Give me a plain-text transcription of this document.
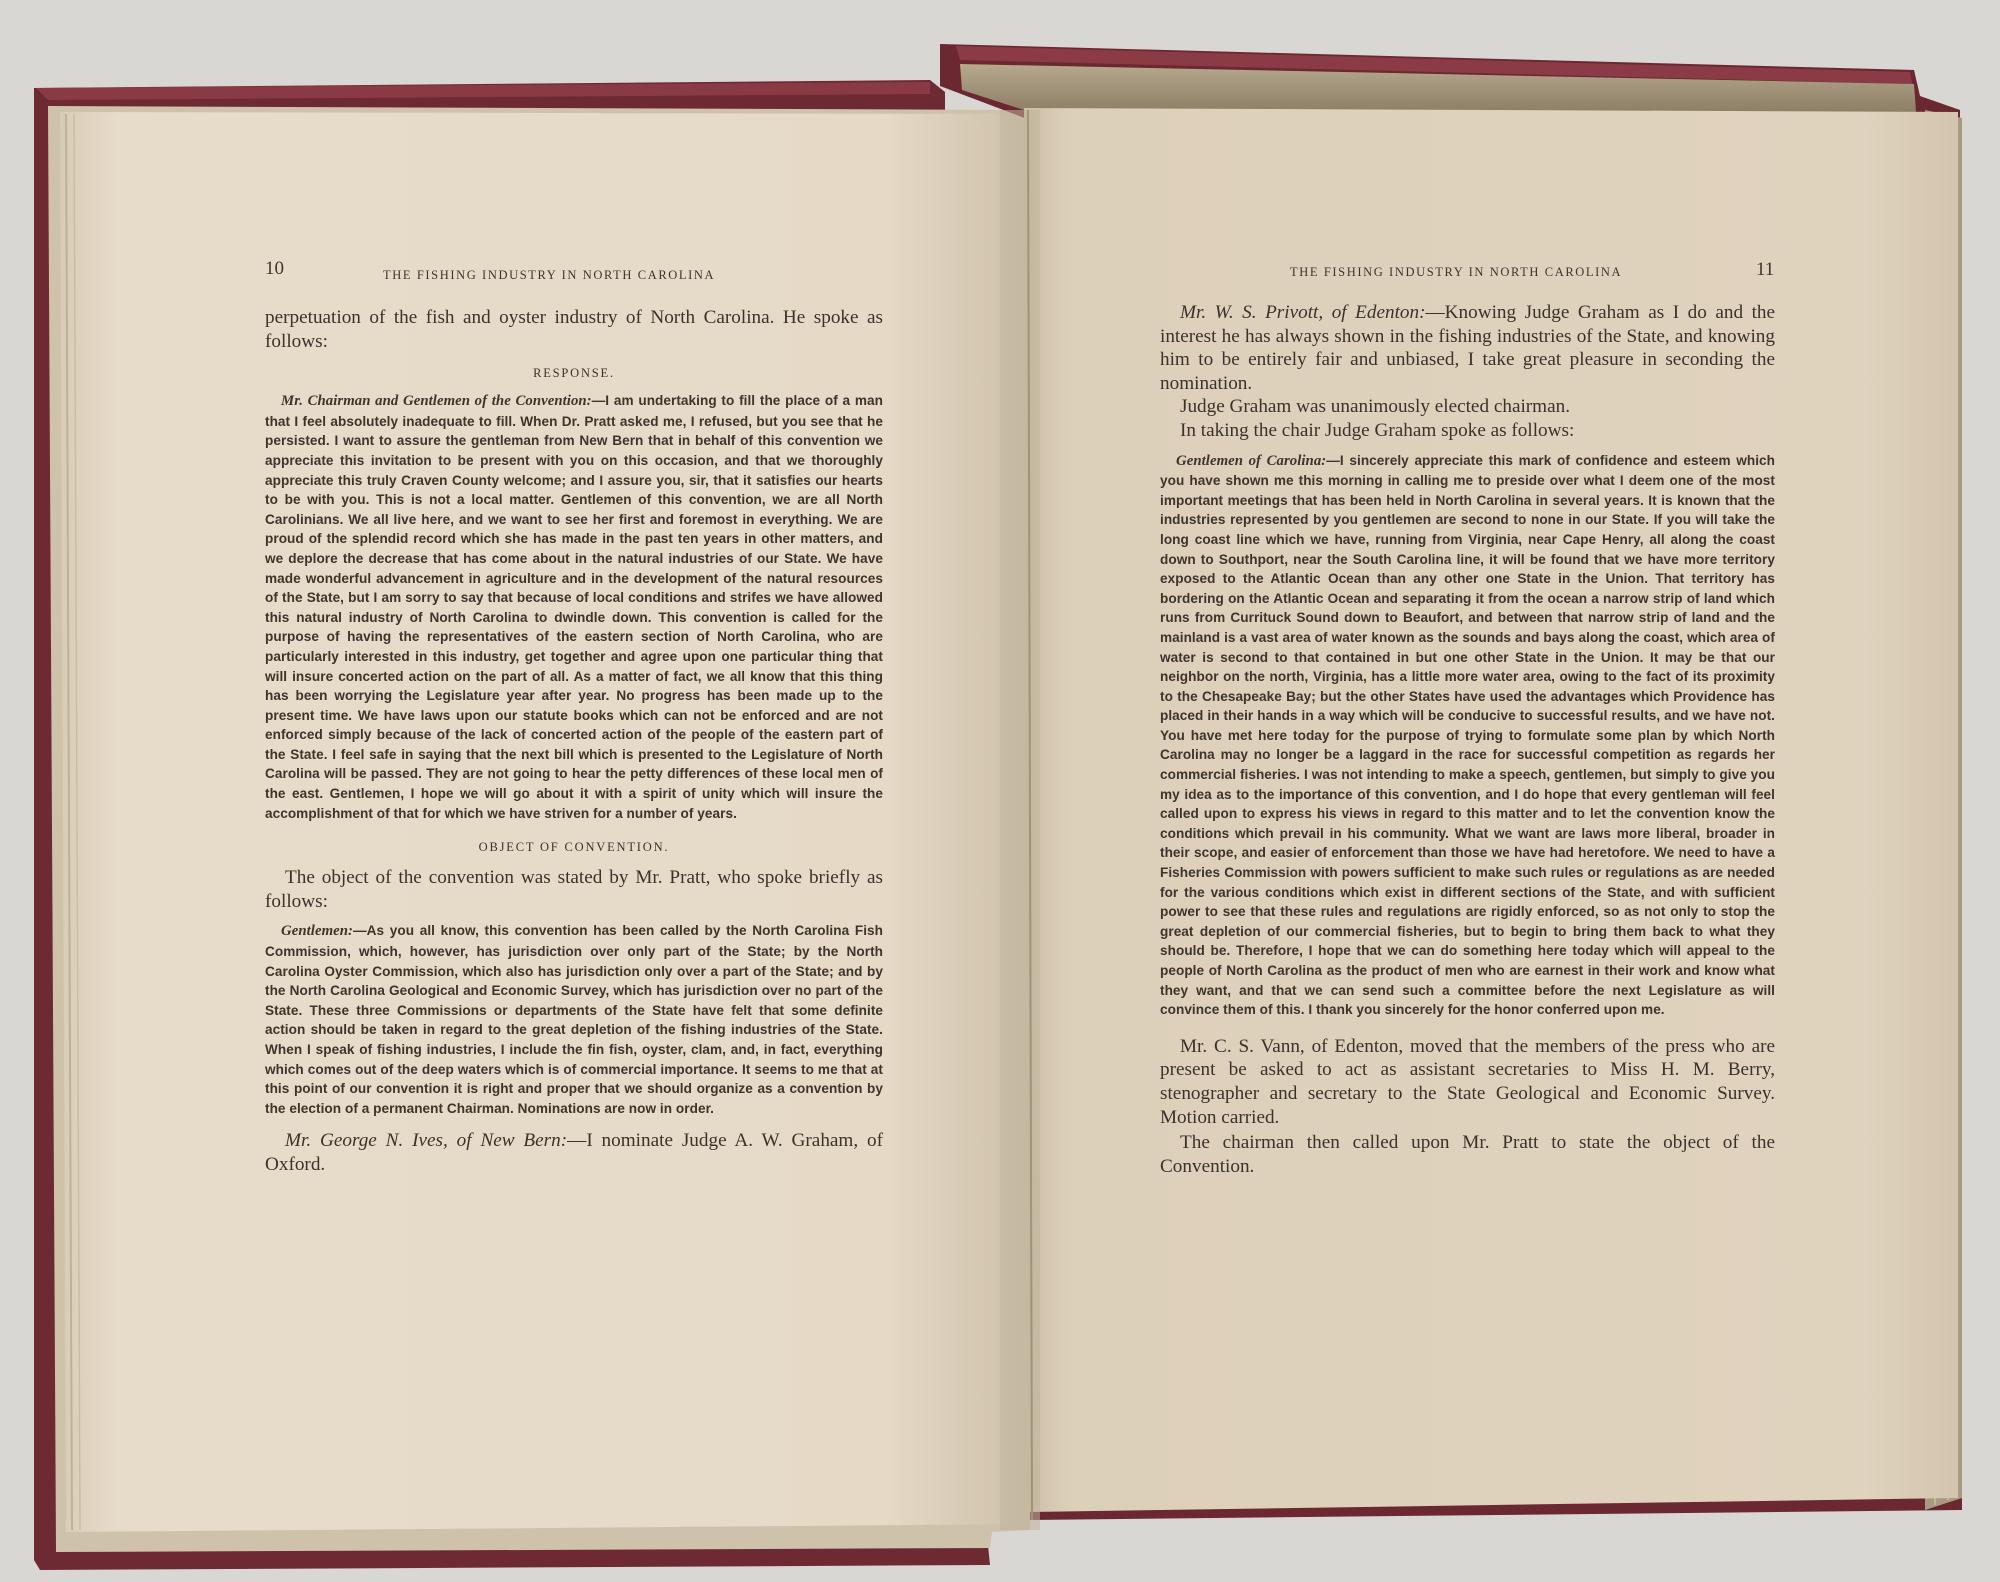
10	THE FISHING INDUSTRY IN NORTH CAROLINA

perpetuation of the fish and oyster industry of North Carolina. He spoke as follows:

RESPONSE.

Mr. Chairman and Gentlemen of the Convention:—I am undertaking to fill the place of a man that I feel absolutely inadequate to fill. When Dr. Pratt asked me, I refused, but you see that he persisted. I want to assure the gentleman from New Bern that in behalf of this convention we appreciate this invitation to be present with you on this occasion, and that we thoroughly appreciate this truly Craven County welcome; and I assure you, sir, that it satisfies our hearts to be with you. This is not a local matter. Gentlemen of this convention, we are all North Carolinians. We all live here, and we want to see her first and foremost in everything. We are proud of the splendid record which she has made in the past ten years in other matters, and we deplore the decrease that has come about in the natural industries of our State. We have made wonderful advancement in agriculture and in the development of the natural resources of the State, but I am sorry to say that because of local conditions and strifes we have allowed this natural industry of North Carolina to dwindle down. This convention is called for the purpose of having the representatives of the eastern section of North Carolina, who are particularly interested in this industry, get together and agree upon one particular thing that will insure concerted action on the part of all. As a matter of fact, we all know that this thing has been worrying the Legislature year after year. No progress has been made up to the present time. We have laws upon our statute books which can not be enforced and are not enforced simply because of the lack of concerted action of the people of the eastern part of the State. I feel safe in saying that the next bill which is presented to the Legislature of North Carolina will be passed. They are not going to hear the petty differences of these local men of the east. Gentlemen, I hope we will go about it with a spirit of unity which will insure the accomplishment of that for which we have striven for a number of years.

OBJECT OF CONVENTION.

The object of the convention was stated by Mr. Pratt, who spoke briefly as follows:

Gentlemen:—As you all know, this convention has been called by the North Carolina Fish Commission, which, however, has jurisdiction over only part of the State; by the North Carolina Oyster Commission, which also has jurisdiction only over a part of the State; and by the North Carolina Geological and Economic Survey, which has jurisdiction over no part of the State. These three Commissions or departments of the State have felt that some definite action should be taken in regard to the great depletion of the fishing industries of the State. When I speak of fishing industries, I include the fin fish, oyster, clam, and, in fact, everything which comes out of the deep waters which is of commercial importance. It seems to me that at this point of our convention it is right and proper that we should organize as a convention by the election of a permanent Chairman. Nominations are now in order.

Mr. George N. Ives, of New Bern:—I nominate Judge A. W. Graham, of Oxford.

THE FISHING INDUSTRY IN NORTH CAROLINA	11

Mr. W. S. Privott, of Edenton:—Knowing Judge Graham as I do and the interest he has always shown in the fishing industries of the State, and knowing him to be entirely fair and unbiased, I take great pleasure in seconding the nomination.

Judge Graham was unanimously elected chairman.

In taking the chair Judge Graham spoke as follows:

Gentlemen of Carolina:—I sincerely appreciate this mark of confidence and esteem which you have shown me this morning in calling me to preside over what I deem one of the most important meetings that has been held in North Carolina in several years. It is known that the industries represented by you gentlemen are second to none in our State. If you will take the long coast line which we have, running from Virginia, near Cape Henry, all along the coast down to Southport, near the South Carolina line, it will be found that we have more territory exposed to the Atlantic Ocean than any other one State in the Union. That territory has bordering on the Atlantic Ocean and separating it from the ocean a narrow strip of land which runs from Currituck Sound down to Beaufort, and between that narrow strip of land and the mainland is a vast area of water known as the sounds and bays along the coast, which area of water is second to that contained in but one other State in the Union. It may be that our neighbor on the north, Virginia, has a little more water area, owing to the fact of its proximity to the Chesapeake Bay; but the other States have used the advantages which Providence has placed in their hands in a way which will be conducive to successful results, and we have not. You have met here today for the purpose of trying to formulate some plan by which North Carolina may no longer be a laggard in the race for successful competition as regards her commercial fisheries. I was not intending to make a speech, gentlemen, but simply to give you my idea as to the importance of this convention, and I do hope that every gentleman will feel called upon to express his views in regard to this matter and to let the convention know the conditions which prevail in his community. What we want are laws more liberal, broader in their scope, and easier of enforcement than those we have had heretofore. We need to have a Fisheries Commission with powers sufficient to make such rules or regulations as are needed for the various conditions which exist in different sections of the State, and with sufficient power to see that these rules and regulations are rigidly enforced, so as not only to stop the great depletion of our commercial fisheries, but to begin to bring them back to what they should be. Therefore, I hope that we can do something here today which will appeal to the people of North Carolina as the product of men who are earnest in their work and know what they want, and that we can send such a committee before the next Legislature as will convince them of this. I thank you sincerely for the honor conferred upon me.

Mr. C. S. Vann, of Edenton, moved that the members of the press who are present be asked to act as assistant secretaries to Miss H. M. Berry, stenographer and secretary to the State Geological and Economic Survey. Motion carried.

The chairman then called upon Mr. Pratt to state the object of the Convention.
